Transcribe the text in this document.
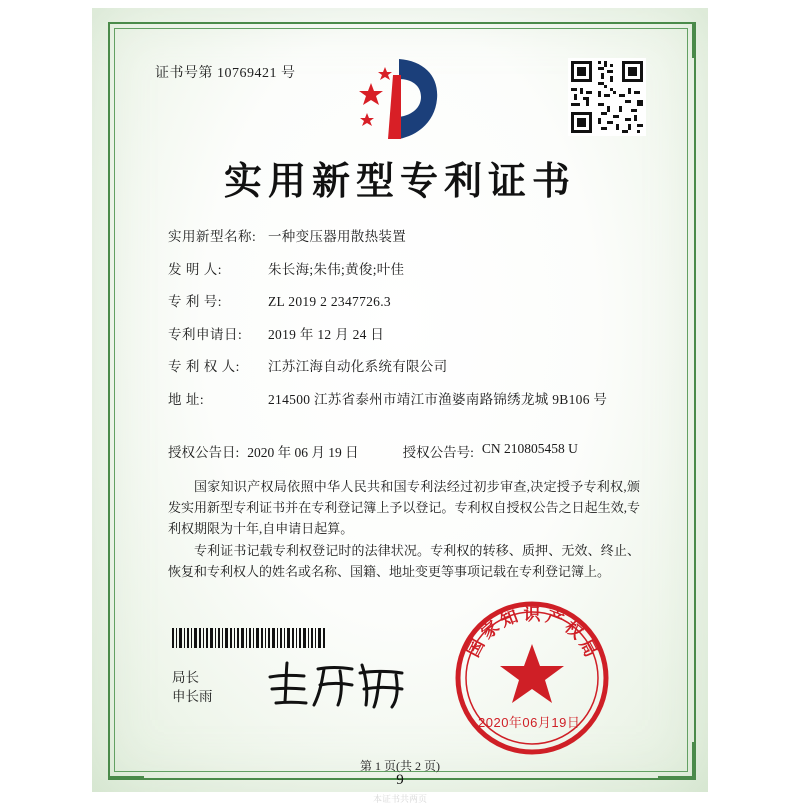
证书号第 10769421 号
实用新型专利证书
实用新型名称: 一种变压器用散热装置
发 明 人:	朱长海;朱伟;黄俊;叶佳
专 利 号:	ZL 2019 2 2347726.3
专利申请日:	2019 年 12 月 24 日
专 利 权 人:	江苏江海自动化系统有限公司
地 址:	214500 江苏省泰州市靖江市渔婆南路锦绣龙城 9B106 号
授权公告日: 2020 年 06 月 19 日	授权公告号: CN 210805458 U
国家知识产权局依照中华人民共和国专利法经过初步审查,决定授予专利权,颁发实用新型专利证书并在专利登记簿上予以登记。专利权自授权公告之日起生效,专利权期限为十年,自申请日起算。
专利证书记载专利权登记时的法律状况。专利权的转移、质押、无效、终止、恢复和专利权人的姓名或名称、国籍、地址变更等事项记载在专利登记簿上。
局长
申长雨
国
家
知 识 产
权
局
2020年06月19日
第 1 页(共 2 页)
9
本证书共两页
